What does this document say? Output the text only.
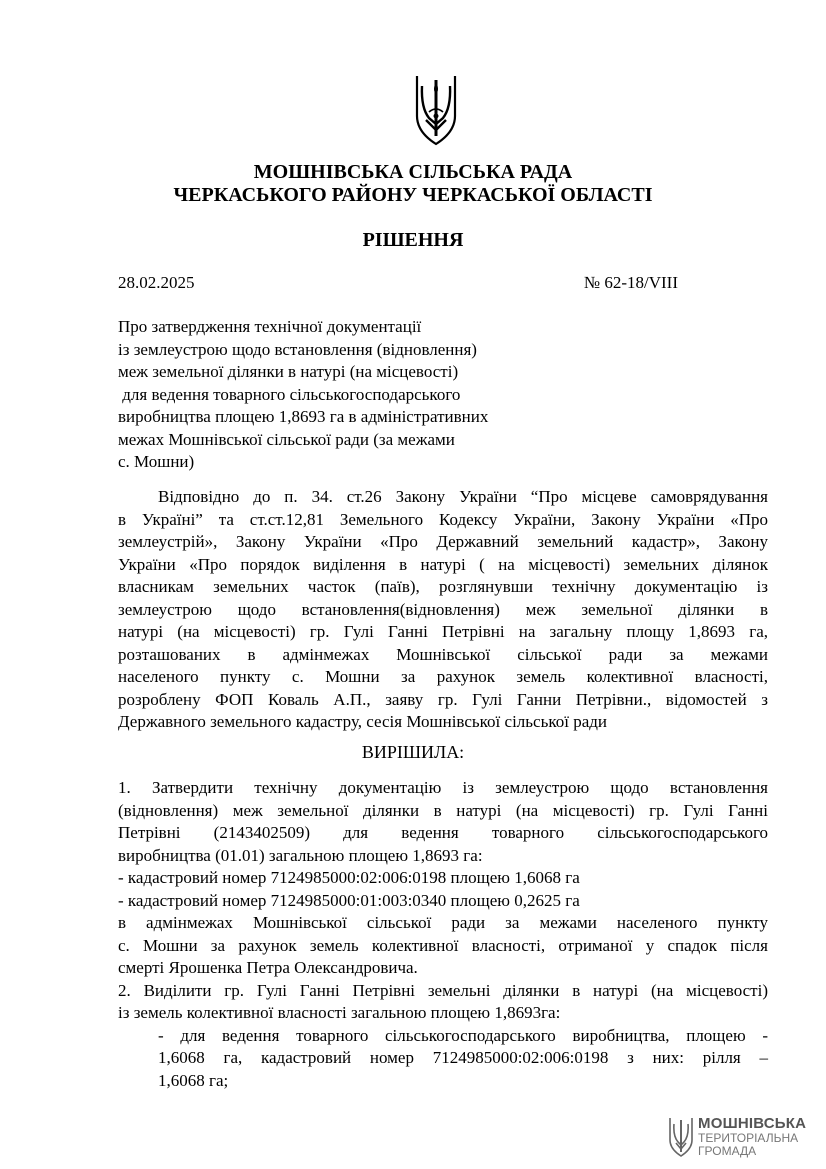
МОШНІВСЬКА СІЛЬСЬКА РАДА
ЧЕРКАСЬКОГО РАЙОНУ ЧЕРКАСЬКОЇ ОБЛАСТІ
РІШЕННЯ
28.02.2025	№ 62-18/VIII
Про затвердження технічної документації
із землеустрою щодо встановлення (відновлення)
меж земельної ділянки в натурі (на місцевості)
для ведення товарного сільськогосподарського
виробництва площею 1,8693 га в адміністративних
межах Мошнівської сільської ради (за межами
с. Мошни)
Відповідно до п. 34. ст.26 Закону України “Про місцеве самоврядування
в Україні” та ст.ст.12,81 Земельного Кодексу України, Закону України «Про
землеустрій», Закону України «Про Державний земельний кадастр», Закону
України «Про порядок виділення в натурі ( на місцевості) земельних ділянок
власникам земельних часток (паїв), розглянувши технічну документацію із
землеустрою щодо встановлення(відновлення) меж земельної ділянки в
натурі (на місцевості) гр. Гулі Ганні Петрівні на загальну площу 1,8693 га,
розташованих в адмінмежах Мошнівської сільської ради за межами
населеного пункту с. Мошни за рахунок земель колективної власності,
розроблену ФОП Коваль А.П., заяву гр. Гулі Ганни Петрівни., відомостей з
Державного земельного кадастру, сесія Мошнівської сільської ради
ВИРІШИЛА:
1. Затвердити технічну документацію із землеустрою щодо встановлення
(відновлення) меж земельної ділянки в натурі (на місцевості) гр. Гулі Ганні
Петрівні (2143402509) для ведення товарного сільськогосподарського
виробництва (01.01) загальною площею 1,8693 га:
- кадастровий номер 7124985000:02:006:0198 площею 1,6068 га
- кадастровий номер 7124985000:01:003:0340 площею 0,2625 га
в адмінмежах Мошнівської сільської ради за межами населеного пункту
с. Мошни за рахунок земель колективної власності, отриманої у спадок після
смерті Ярошенка Петра Олександровича.
2. Виділити гр. Гулі Ганні Петрівні земельні ділянки в натурі (на місцевості)
із земель колективної власності загальною площею 1,8693га:
- для ведення товарного сільськогосподарського виробництва, площею -
1,6068 га, кадастровий номер 7124985000:02:006:0198 з них: рілля –
1,6068 га;
МОШНІВСЬКА
ТЕРИТОРІАЛЬНА
ГРОМАДА
